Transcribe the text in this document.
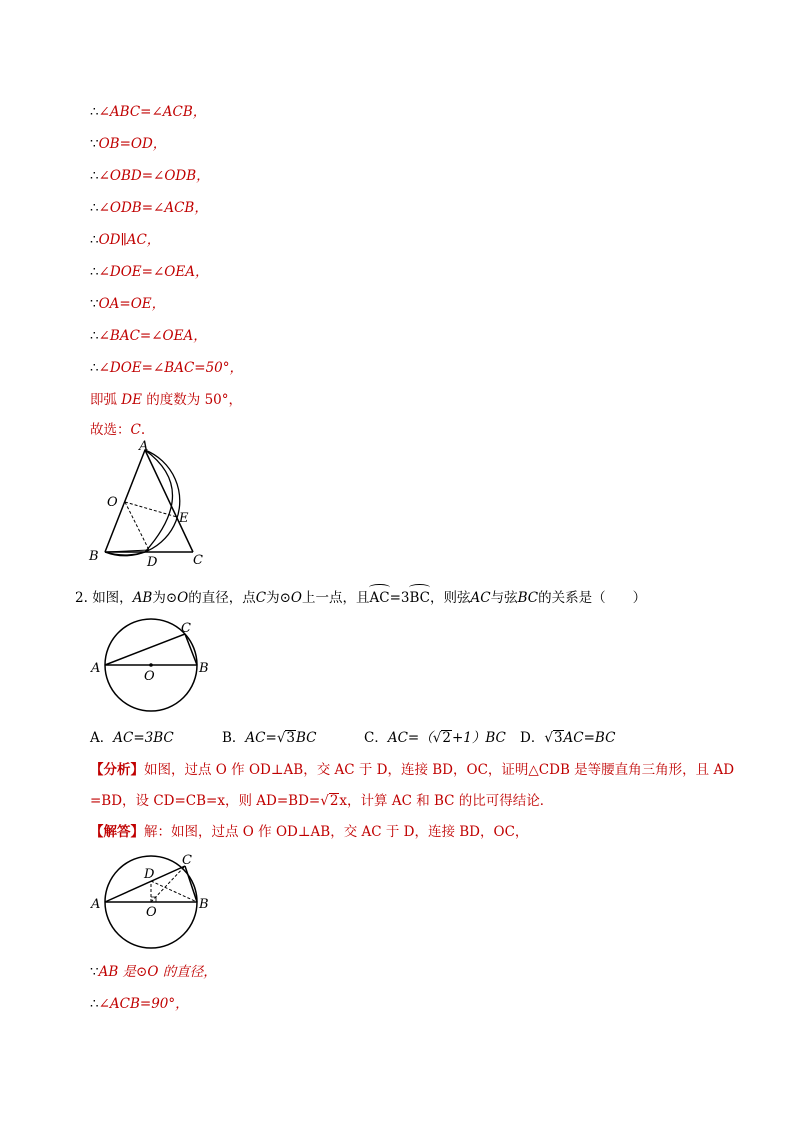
∴∠ABC=∠ACB，
∵OB=OD，
∴∠OBD=∠ODB，
∴∠ODB=∠ACB，
∴OD∥AC，
∴∠DOE=∠OEA，
∵OA=OE，
∴∠BAC=∠OEA，
∴∠DOE=∠BAC=50°，
即弧 DE 的度数为 50°，
故选：C.
A
O
E
B	D	C
2. 如图，AB为⊙O的直径，点C为⊙O上一点，且AC=3BC，则弦AC与弦BC的关系是（　　）
A	B
C
O
A．AC=3BC	B．AC=√3BC	C．AC=（√2+1）BC D．√3AC=BC
【分析】如图，过点 O 作 OD⊥AB，交 AC 于 D，连接 BD，OC，证明△CDB 是等腰直角三角形，且 AD
=BD，设 CD=CB=x，则 AD=BD=√2x，计算 AC 和 BC 的比可得结论．
【解答】解：如图，过点 O 作 OD⊥AB，交 AC 于 D，连接 BD，OC，
A	B
C
D
O
∵AB 是⊙O 的直径，
∴∠ACB=90°，
